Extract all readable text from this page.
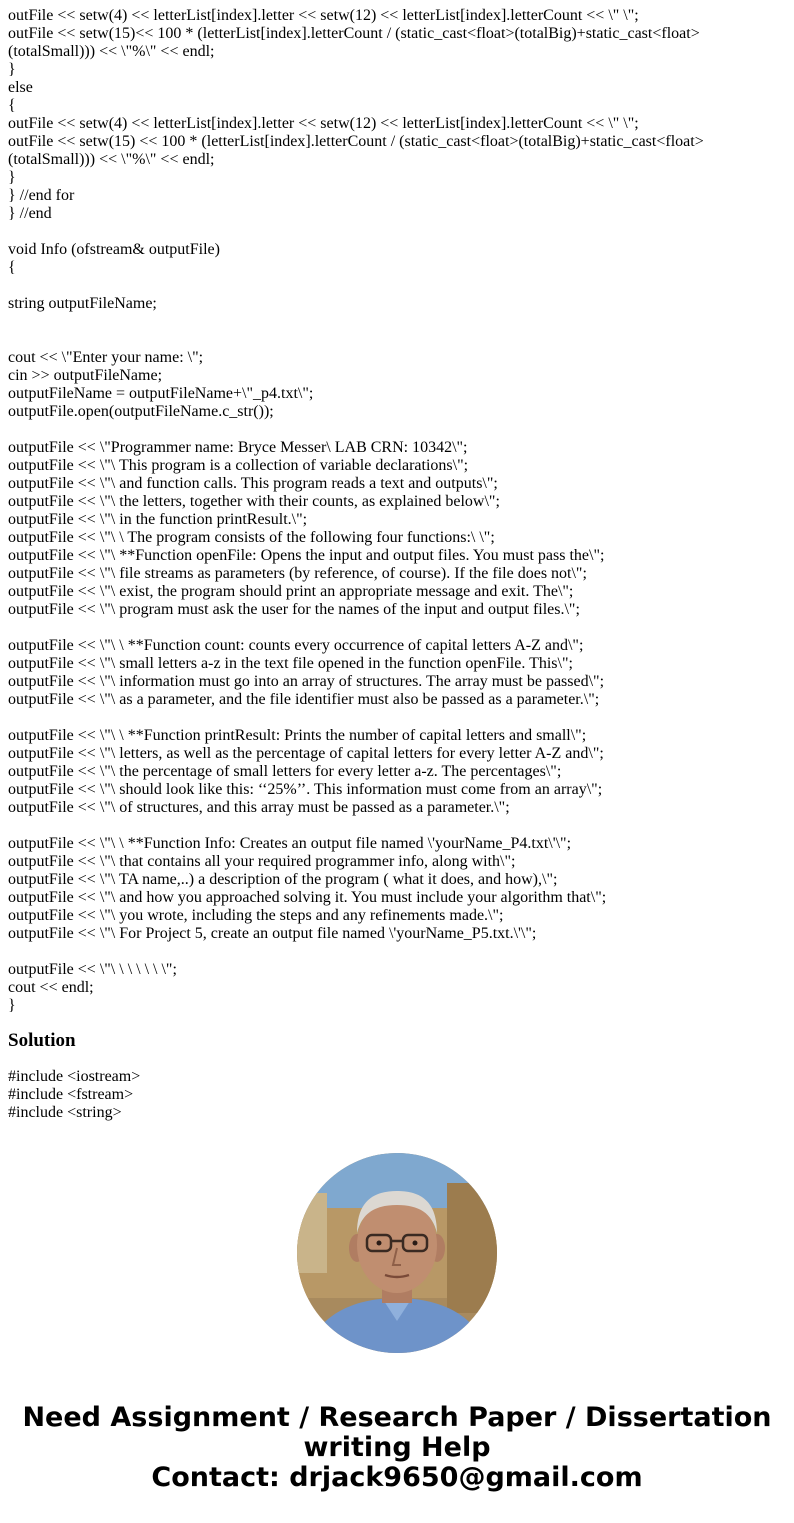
outFile << setw(4) << letterList[index].letter << setw(12) << letterList[index].letterCount << \" \";
outFile << setw(15)<< 100 * (letterList[index].letterCount / (static_cast<float>(totalBig)+static_cast<float>(totalSmall))) << \"%\" << endl;
}
else
{
outFile << setw(4) << letterList[index].letter << setw(12) << letterList[index].letterCount << \" \";
outFile << setw(15) << 100 * (letterList[index].letterCount / (static_cast<float>(totalBig)+static_cast<float>(totalSmall))) << \"%\" << endl;
}
} //end for
} //end
void Info (ofstream& outputFile)
{
string outputFileName;
cout << \"Enter your name: \";
cin >> outputFileName;
outputFileName = outputFileName+\"_p4.txt\";
outputFile.open(outputFileName.c_str());
outputFile << \"Programmer name: Bryce Messer\ LAB CRN: 10342\";
outputFile << \"\ This program is a collection of variable declarations\";
outputFile << \"\ and function calls. This program reads a text and outputs\";
outputFile << \"\ the letters, together with their counts, as explained below\";
outputFile << \"\ in the function printResult.\";
outputFile << \"\ \ The program consists of the following four functions:\ \";
outputFile << \"\ **Function openFile: Opens the input and output files. You must pass the\";
outputFile << \"\ file streams as parameters (by reference, of course). If the file does not\";
outputFile << \"\ exist, the program should print an appropriate message and exit. The\";
outputFile << \"\ program must ask the user for the names of the input and output files.\";
outputFile << \"\ \ **Function count: counts every occurrence of capital letters A-Z and\";
outputFile << \"\ small letters a-z in the text file opened in the function openFile. This\";
outputFile << \"\ information must go into an array of structures. The array must be passed\";
outputFile << \"\ as a parameter, and the file identifier must also be passed as a parameter.\";
outputFile << \"\ \ **Function printResult: Prints the number of capital letters and small\";
outputFile << \"\ letters, as well as the percentage of capital letters for every letter A-Z and\";
outputFile << \"\ the percentage of small letters for every letter a-z. The percentages\";
outputFile << \"\ should look like this: ‘‘25%’’. This information must come from an array\";
outputFile << \"\ of structures, and this array must be passed as a parameter.\";
outputFile << \"\ \ **Function Info: Creates an output file named \'yourName_P4.txt\'\";
outputFile << \"\ that contains all your required programmer info, along with\";
outputFile << \"\ TA name,..) a description of the program ( what it does, and how),\";
outputFile << \"\ and how you approached solving it. You must include your algorithm that\";
outputFile << \"\ you wrote, including the steps and any refinements made.\";
outputFile << \"\ For Project 5, create an output file named \'yourName_P5.txt.\'\";
outputFile << \"\ \ \ \ \ \ \";
cout << endl;
}
Solution
#include <iostream>
#include <fstream>
#include <string>
Need Assignment / Research Paper / Dissertation
writing Help
Contact: drjack9650@gmail.com
